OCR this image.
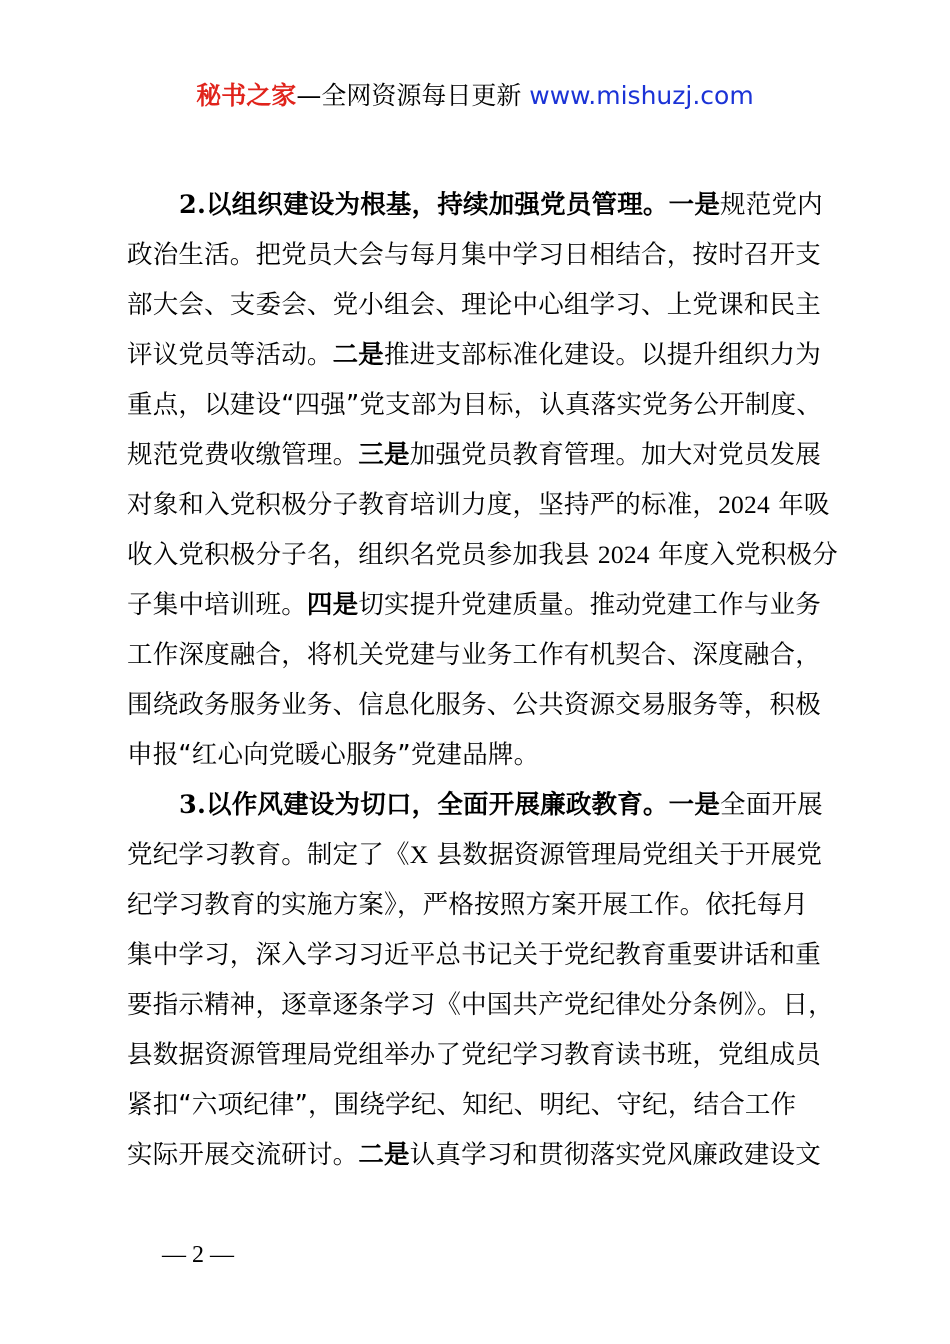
秘书之家—全网资源每日更新 www.mishuzj.com
2.以组织建设为根基，持续加强党员管理。一是规范党内
政治生活。把党员大会与每月集中学习日相结合，按时召开支
部大会、支委会、党小组会、理论中心组学习、上党课和民主
评议党员等活动。二是推进支部标准化建设。以提升组织力为
重点，以建设“四强”党支部为目标，认真落实党务公开制度、
规范党费收缴管理。三是加强党员教育管理。加大对党员发展
对象和入党积极分子教育培训力度，坚持严的标准，2024 年吸
收入党积极分子名，组织名党员参加我县 2024 年度入党积极分
子集中培训班。四是切实提升党建质量。推动党建工作与业务
工作深度融合，将机关党建与业务工作有机契合、深度融合，
围绕政务服务业务、信息化服务、公共资源交易服务等，积极
申报“红心向党暖心服务”党建品牌。
3.以作风建设为切口，全面开展廉政教育。一是全面开展
党纪学习教育。制定了《X 县数据资源管理局党组关于开展党
纪学习教育的实施方案》，严格按照方案开展工作。依托每月
集中学习，深入学习习近平总书记关于党纪教育重要讲话和重
要指示精神，逐章逐条学习《中国共产党纪律处分条例》。日，
县数据资源管理局党组举办了党纪学习教育读书班，党组成员
紧扣“六项纪律”，围绕学纪、知纪、明纪、守纪，结合工作
实际开展交流研讨。二是认真学习和贯彻落实党风廉政建设文
— 2 —
